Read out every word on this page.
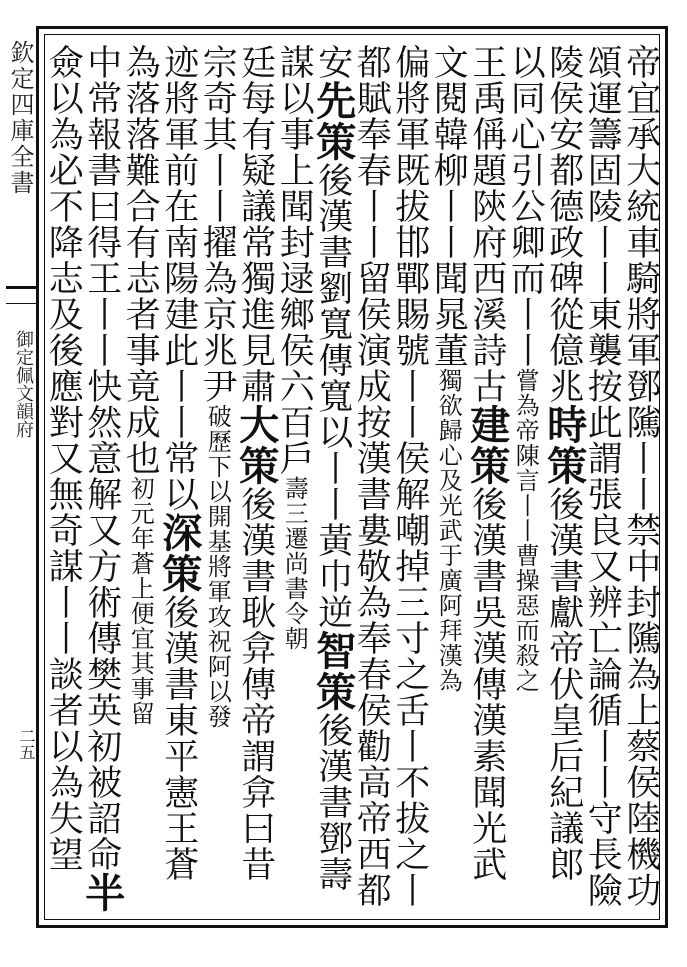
欽定四庫全書
御定佩文韻府
二五
帝宜承大統車騎將軍鄧隲丨丨禁中封隲為上蔡侯陸機功
頌運籌固陵丨丨東襲按此謂張良又辨亡論循丨丨守長險
陵侯安都德政碑從億兆時策後漢書獻帝伏皇后紀議郎
以同心引公卿而丨丨嘗為帝陳言丨丨曹操惡而殺之
王禹偁題陝府西溪詩古建策後漢書吳漢傳漢素聞光武
文閱韓柳丨丨聞晁董獨欲歸心及光武于廣阿拜漢為
偏將軍既拔邯鄲賜號丨丨侯解嘲掉三寸之舌丨不拔之丨
都賦奉春丨丨留侯演成按漢書婁敬為奉春侯勸高帝西都
安先策後漢書劉寬傳寬以丨丨黃巾逆智策後漢書鄧壽
謀以事上聞封逯鄉侯六百戶壽三遷尚書令朝
廷每有疑議常獨進見肅大策後漢書耿弇傳帝謂弇曰昔
宗奇其丨丨擢為京兆尹破歷下以開基將軍攻祝阿以發
迹將軍前在南陽建此丨丨常以深策後漢書東平憲王蒼
為落落難合有志者事竟成也初元年蒼上便宜其事留
中常報書曰得王丨丨快然意解又方術傳樊英初被詔命半
僉以為必不降志及後應對又無奇謀丨丨談者以為失望
